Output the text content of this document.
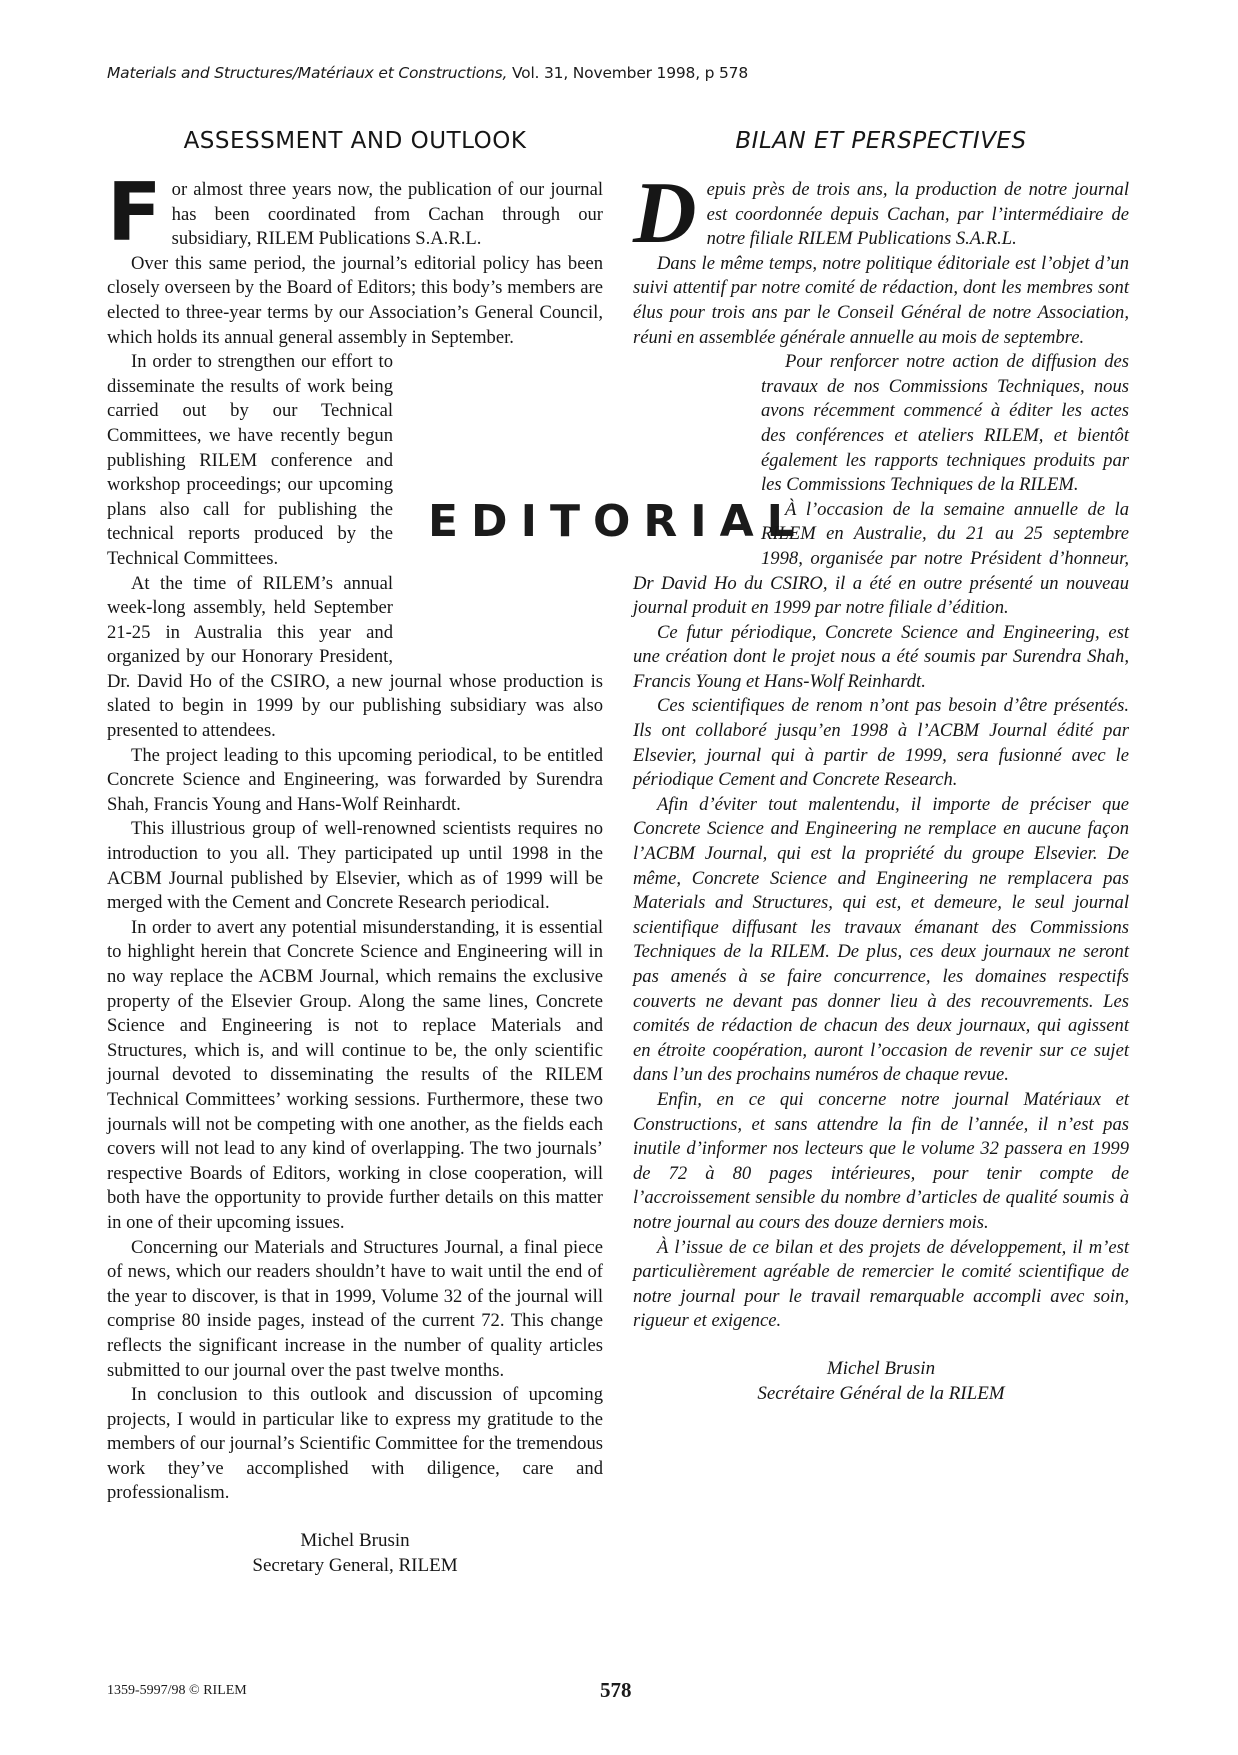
Materials and Structures/Matériaux et Constructions, Vol. 31, November 1998, p 578
EDITORIAL
ASSESSMENT AND OUTLOOK

For almost three years now, the publication of our journal has been coordinated from Cachan through our subsidiary, RILEM Publications S.A.R.L.

Over this same period, the journal’s editorial policy has been closely overseen by the Board of Editors; this body’s members are elected to three-year terms by our Association’s General Council, which holds its annual general assembly in September.

In order to strengthen our effort to disseminate the results of work being carried out by our Technical Committees, we have recently begun publishing RILEM conference and workshop proceedings; our upcoming plans also call for publishing the technical reports produced by the Technical Committees.

At the time of RILEM’s annual week-long assembly, held September 21-25 in Australia this year and organized by our Honorary President, Dr. David Ho of the CSIRO, a new journal whose production is slated to begin in 1999 by our publishing subsidiary was also presented to attendees.

The project leading to this upcoming periodical, to be entitled Concrete Science and Engineering, was forwarded by Surendra Shah, Francis Young and Hans-Wolf Reinhardt.

This illustrious group of well-renowned scientists requires no introduction to you all. They participated up until 1998 in the ACBM Journal published by Elsevier, which as of 1999 will be merged with the Cement and Concrete Research periodical.

In order to avert any potential misunderstanding, it is essential to highlight herein that Concrete Science and Engineering will in no way replace the ACBM Journal, which remains the exclusive property of the Elsevier Group. Along the same lines, Concrete Science and Engineering is not to replace Materials and Structures, which is, and will continue to be, the only scientific journal devoted to disseminating the results of the RILEM Technical Committees’ working sessions. Furthermore, these two journals will not be competing with one another, as the fields each covers will not lead to any kind of overlapping. The two journals’ respective Boards of Editors, working in close cooperation, will both have the opportunity to provide further details on this matter in one of their upcoming issues.

Concerning our Materials and Structures Journal, a final piece of news, which our readers shouldn’t have to wait until the end of the year to discover, is that in 1999, Volume 32 of the journal will comprise 80 inside pages, instead of the current 72. This change reflects the significant increase in the number of quality articles submitted to our journal over the past twelve months.

In conclusion to this outlook and discussion of upcoming projects, I would in particular like to express my gratitude to the members of our journal’s Scientific Committee for the tremendous work they’ve accomplished with diligence, care and professionalism.

Michel Brusin
Secretary General, RILEM
BILAN ET PERSPECTIVES

Depuis près de trois ans, la production de notre journal est coordonnée depuis Cachan, par l’intermédiaire de notre filiale RILEM Publications S.A.R.L.

Dans le même temps, notre politique éditoriale est l’objet d’un suivi attentif par notre comité de rédaction, dont les membres sont élus pour trois ans par le Conseil Général de notre Association, réuni en assemblée générale annuelle au mois de septembre.

Pour renforcer notre action de diffusion des travaux de nos Commissions Techniques, nous avons récemment commencé à éditer les actes des conférences et ateliers RILEM, et bientôt également les rapports techniques produits par les Commissions Techniques de la RILEM.

À l’occasion de la semaine annuelle de la RILEM en Australie, du 21 au 25 septembre 1998, organisée par notre Président d’honneur, Dr David Ho du CSIRO, il a été en outre présenté un nouveau journal produit en 1999 par notre filiale d’édition.

Ce futur périodique, Concrete Science and Engineering, est une création dont le projet nous a été soumis par Surendra Shah, Francis Young et Hans-Wolf Reinhardt.

Ces scientifiques de renom n’ont pas besoin d’être présentés. Ils ont collaboré jusqu’en 1998 à l’ACBM Journal édité par Elsevier, journal qui à partir de 1999, sera fusionné avec le périodique Cement and Concrete Research.

Afin d’éviter tout malentendu, il importe de préciser que Concrete Science and Engineering ne remplace en aucune façon l’ACBM Journal, qui est la propriété du groupe Elsevier. De même, Concrete Science and Engineering ne remplacera pas Materials and Structures, qui est, et demeure, le seul journal scientifique diffusant les travaux émanant des Commissions Techniques de la RILEM. De plus, ces deux journaux ne seront pas amenés à se faire concurrence, les domaines respectifs couverts ne devant pas donner lieu à des recouvrements. Les comités de rédaction de chacun des deux journaux, qui agissent en étroite coopération, auront l’occasion de revenir sur ce sujet dans l’un des prochains numéros de chaque revue.

Enfin, en ce qui concerne notre journal Matériaux et Constructions, et sans attendre la fin de l’année, il n’est pas inutile d’informer nos lecteurs que le volume 32 passera en 1999 de 72 à 80 pages intérieures, pour tenir compte de l’accroissement sensible du nombre d’articles de qualité soumis à notre journal au cours des douze derniers mois.

À l’issue de ce bilan et des projets de développement, il m’est particulièrement agréable de remercier le comité scientifique de notre journal pour le travail remarquable accompli avec soin, rigueur et exigence.

Michel Brusin
Secrétaire Général de la RILEM
1359-5997/98 © RILEM	578
